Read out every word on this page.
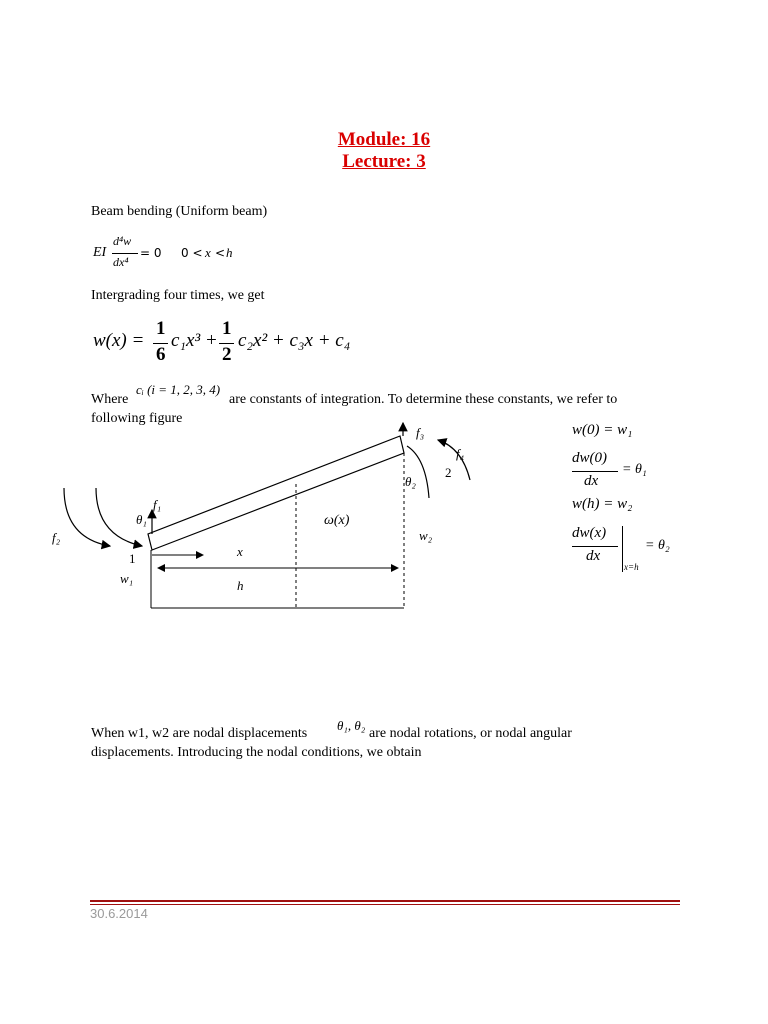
Module: 16
Lecture: 3
Beam bending (Uniform beam)
EI
d⁴w
dx⁴
= 0 0 < x < h
Intergrading four times, we get
w(x) =
1
6
c₁x³ +
1
2
c₂x² + c₃x + c₄
Where
cᵢ (i = 1, 2, 3, 4)
are constants of integration. To determine these constants, we refer to
following figure
f₁
f₂
f₃
f₄
θ₁
θ₂
ω(x)
w₁
w₂
x
h
1
2
w(0) = w₁
dw(0)
dx
= θ₁
w(h) = w₂
dw(x)
dx
x=h
= θ₂
When w1, w2 are nodal displacements
θ₁, θ₂
are nodal rotations, or nodal angular
displacements. Introducing the nodal conditions, we obtain
30.6.2014
